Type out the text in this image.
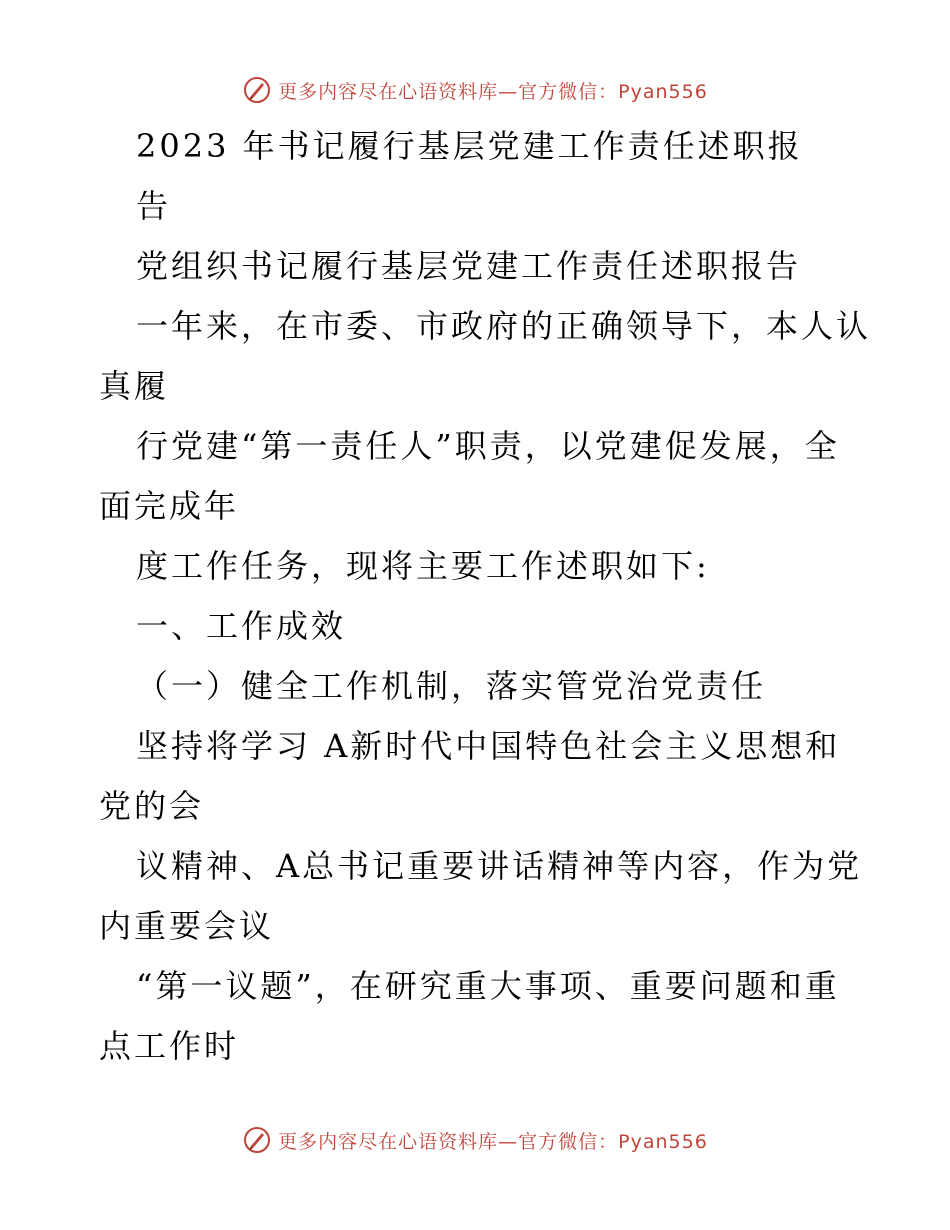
更多内容尽在心语资料库—官方微信：Pyan556
2023 年书记履行基层党建工作责任述职报
告
党组织书记履行基层党建工作责任述职报告
一年来，在市委、市政府的正确领导下，本人认
真履
行党建“第一责任人”职责，以党建促发展，全
面完成年
度工作任务，现将主要工作述职如下:
一、工作成效
（一）健全工作机制，落实管党治党责任
坚持将学习 A新时代中国特色社会主义思想和
党的会
议精神、A总书记重要讲话精神等内容，作为党
内重要会议
“第一议题”，在研究重大事项、重要问题和重
点工作时
更多内容尽在心语资料库—官方微信：Pyan556
